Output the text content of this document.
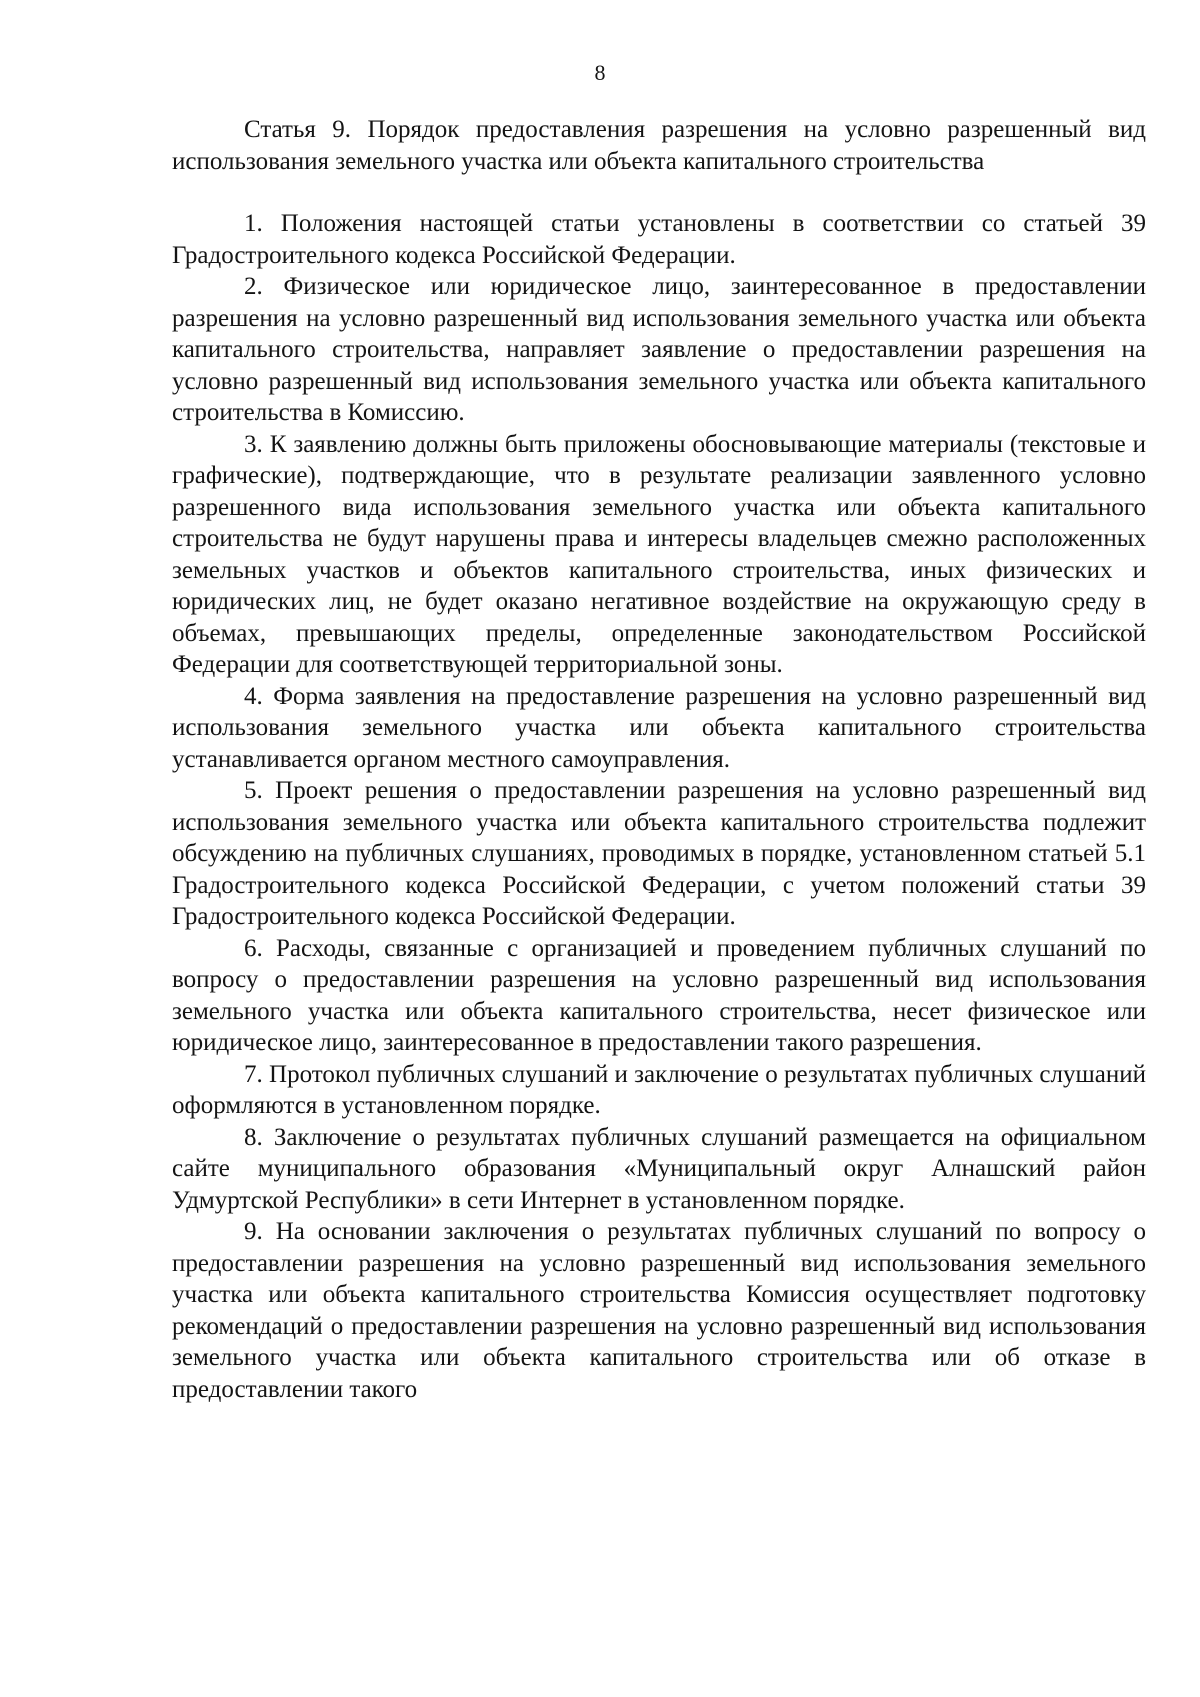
8
Статья 9. Порядок предоставления разрешения на условно разрешенный вид использования земельного участка или объекта капитального строительства

1. Положения настоящей статьи установлены в соответствии со статьей 39 Градостроительного кодекса Российской Федерации.

2. Физическое или юридическое лицо, заинтересованное в предоставлении разрешения на условно разрешенный вид использования земельного участка или объекта капитального строительства, направляет заявление о предоставлении разрешения на условно разрешенный вид использования земельного участка или объекта капитального строительства в Комиссию.

3. К заявлению должны быть приложены обосновывающие материалы (текстовые и графические), подтверждающие, что в результате реализации заявленного условно разрешенного вида использования земельного участка или объекта капитального строительства не будут нарушены права и интересы владельцев смежно расположенных земельных участков и объектов капитального строительства, иных физических и юридических лиц, не будет оказано негативное воздействие на окружающую среду в объемах, превышающих пределы, определенные законодательством Российской Федерации для соответствующей территориальной зоны.

4. Форма заявления на предоставление разрешения на условно разрешенный вид использования земельного участка или объекта капитального строительства устанавливается органом местного самоуправления.

5. Проект решения о предоставлении разрешения на условно разрешенный вид использования земельного участка или объекта капитального строительства подлежит обсуждению на публичных слушаниях, проводимых в порядке, установленном статьей 5.1 Градостроительного кодекса Российской Федерации, с учетом положений статьи 39 Градостроительного кодекса Российской Федерации.

6. Расходы, связанные с организацией и проведением публичных слушаний по вопросу о предоставлении разрешения на условно разрешенный вид использования земельного участка или объекта капитального строительства, несет физическое или юридическое лицо, заинтересованное в предоставлении такого разрешения.

7. Протокол публичных слушаний и заключение о результатах публичных слушаний оформляются в установленном порядке.

8. Заключение о результатах публичных слушаний размещается на официальном сайте муниципального образования «Муниципальный округ Алнашский район Удмуртской Республики» в сети Интернет в установленном порядке.

9. На основании заключения о результатах публичных слушаний по вопросу о предоставлении разрешения на условно разрешенный вид использования земельного участка или объекта капитального строительства Комиссия осуществляет подготовку рекомендаций о предоставлении разрешения на условно разрешенный вид использования земельного участка или объекта капитального строительства или об отказе в предоставлении такого
